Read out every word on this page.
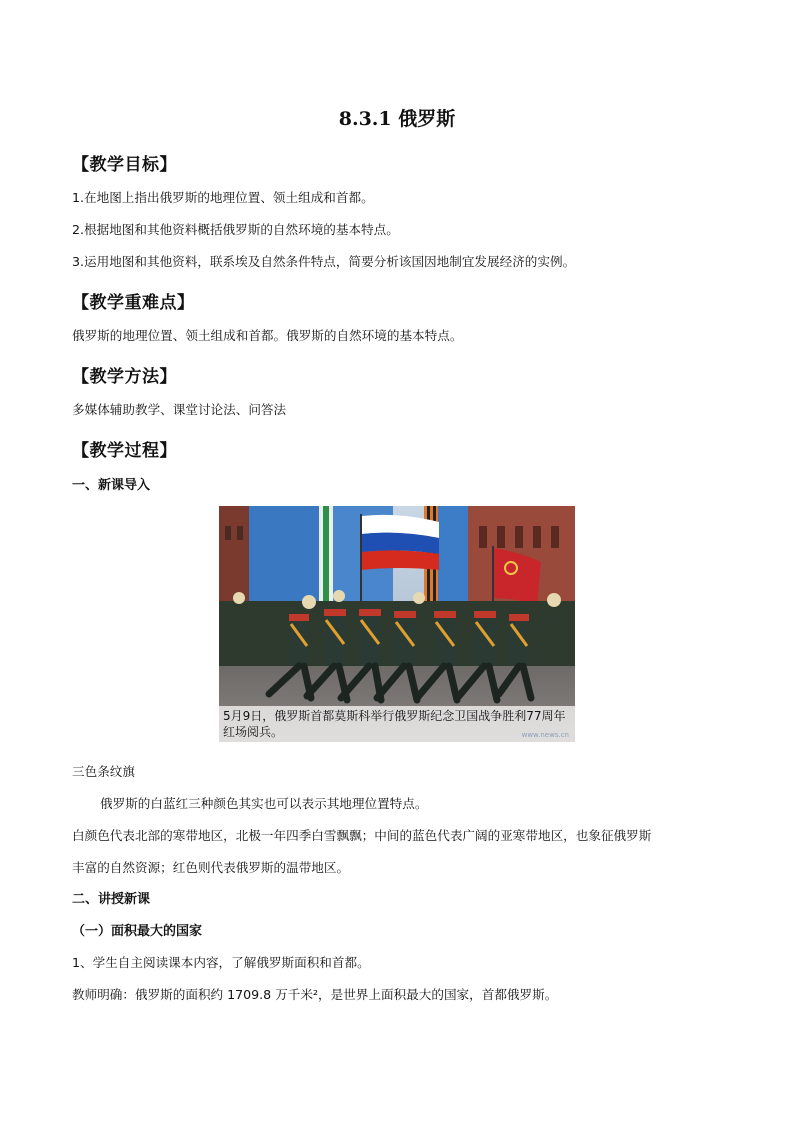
8.3.1 俄罗斯
【教学目标】
1.在地图上指出俄罗斯的地理位置、领土组成和首都。
2.根据地图和其他资料概括俄罗斯的自然环境的基本特点。
3.运用地图和其他资料，联系埃及自然条件特点，简要分析该国因地制宜发展经济的实例。
【教学重难点】
俄罗斯的地理位置、领土组成和首都。俄罗斯的自然环境的基本特点。
【教学方法】
多媒体辅助教学、课堂讨论法、问答法
【教学过程】
一、新课导入
5月9日，俄罗斯首都莫斯科举行俄罗斯纪念卫国战争胜利77周年红场阅兵。	www.news.cn
三色条纹旗
俄罗斯的白蓝红三种颜色其实也可以表示其地理位置特点。
白颜色代表北部的寒带地区，北极一年四季白雪飘飘；中间的蓝色代表广阔的亚寒带地区，也象征俄罗斯
丰富的自然资源；红色则代表俄罗斯的温带地区。
二、讲授新课
（一）面积最大的国家
1、学生自主阅读课本内容，了解俄罗斯面积和首都。
教师明确：俄罗斯的面积约 1709.8 万千米²，是世界上面积最大的国家，首都俄罗斯。
